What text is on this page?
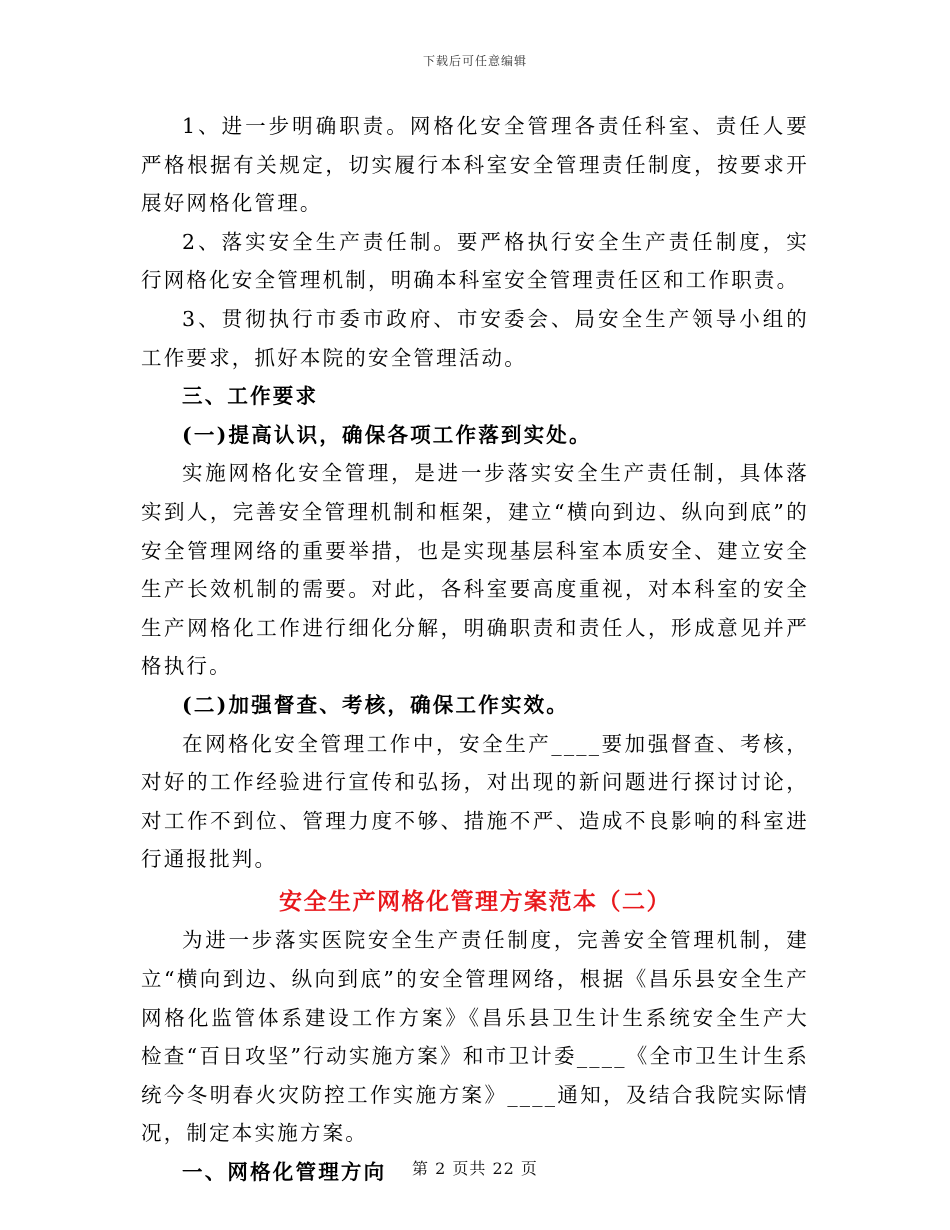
下载后可任意编辑

1、进一步明确职责。网格化安全管理各责任科室、责任人要严格根据有关规定，切实履行本科室安全管理责任制度，按要求开展好网格化管理。

2、落实安全生产责任制。要严格执行安全生产责任制度，实行网格化安全管理机制，明确本科室安全管理责任区和工作职责。

3、贯彻执行市委市政府、市安委会、局安全生产领导小组的工作要求，抓好本院的安全管理活动。

三、工作要求

(一)提高认识，确保各项工作落到实处。

实施网格化安全管理，是进一步落实安全生产责任制，具体落实到人，完善安全管理机制和框架，建立“横向到边、纵向到底”的安全管理网络的重要举措，也是实现基层科室本质安全、建立安全生产长效机制的需要。对此，各科室要高度重视，对本科室的安全生产网格化工作进行细化分解，明确职责和责任人，形成意见并严格执行。

(二)加强督查、考核，确保工作实效。

在网格化安全管理工作中，安全生产____要加强督查、考核，对好的工作经验进行宣传和弘扬，对出现的新问题进行探讨讨论，对工作不到位、管理力度不够、措施不严、造成不良影响的科室进行通报批判。

安全生产网格化管理方案范本（二）

为进一步落实医院安全生产责任制度，完善安全管理机制，建立“横向到边、纵向到底”的安全管理网络，根据《昌乐县安全生产网格化监管体系建设工作方案》《昌乐县卫生计生系统安全生产大检查“百日攻坚”行动实施方案》和市卫计委____《全市卫生计生系统今冬明春火灾防控工作实施方案》____通知，及结合我院实际情况，制定本实施方案。

一、网格化管理方向	第 2 页共 22 页
